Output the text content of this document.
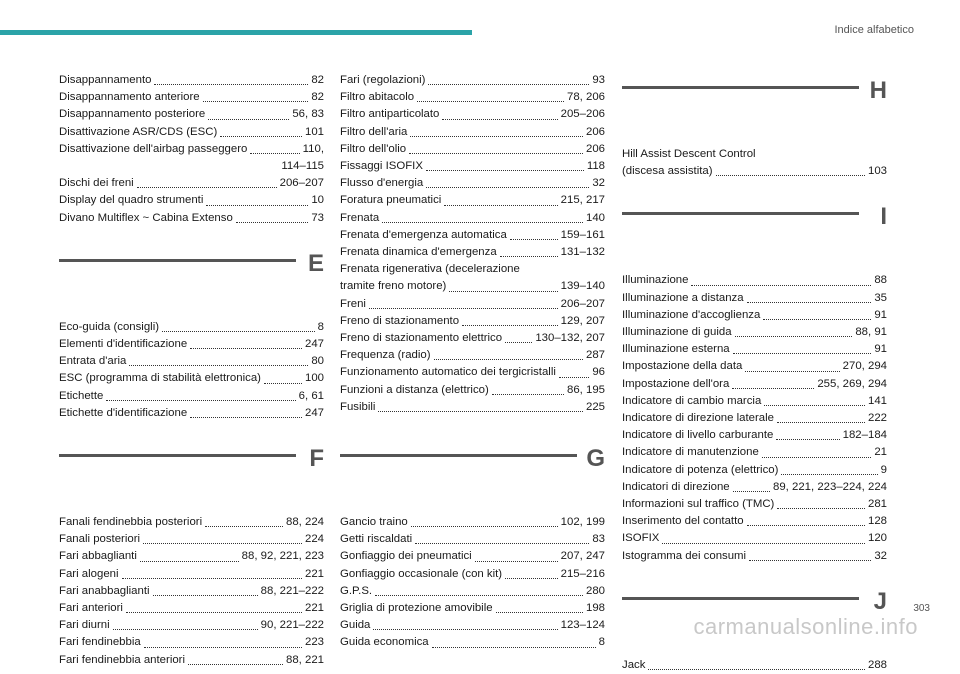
Indice alfabetico
Disappannamento	82
Disappannamento anteriore	82
Disappannamento posteriore	56, 83
Disattivazione ASR/CDS (ESC)	101
Disattivazione dell'airbag passeggero	110,
114–115
Dischi dei freni	206–207
Display del quadro strumenti	10
Divano Multiflex ~ Cabina Extenso	73
E
Eco-guida (consigli)	8
Elementi d'identificazione	247
Entrata d'aria	80
ESC (programma di stabilità elettronica)	100
Etichette	6, 61
Etichette d'identificazione	247
F
Fanali fendinebbia posteriori	88, 224
Fanali posteriori	224
Fari abbaglianti	88, 92, 221, 223
Fari alogeni	221
Fari anabbaglianti	88, 221–222
Fari anteriori	221
Fari diurni	90, 221–222
Fari fendinebbia	223
Fari fendinebbia anteriori	88, 221
Fari (regolazioni)	93
Filtro abitacolo	78, 206
Filtro antiparticolato	205–206
Filtro dell'aria	206
Filtro dell'olio	206
Fissaggi ISOFIX	118
Flusso d'energia	32
Foratura pneumatici	215, 217
Frenata	140
Frenata d'emergenza automatica	159–161
Frenata dinamica d'emergenza	131–132
Frenata rigenerativa (decelerazione
tramite freno motore)	139–140
Freni	206–207
Freno di stazionamento	129, 207
Freno di stazionamento elettrico	130–132, 207
Frequenza (radio)	287
Funzionamento automatico dei tergicristalli	96
Funzioni a distanza (elettrico)	86, 195
Fusibili	225
G
Gancio traino	102, 199
Getti riscaldati	83
Gonfiaggio dei pneumatici	207, 247
Gonfiaggio occasionale (con kit)	215–216
G.P.S.	280
Griglia di protezione amovibile	198
Guida	123–124
Guida economica	8
H
Hill Assist Descent Control
(discesa assistita)	103
I
Illuminazione	88
Illuminazione a distanza	35
Illuminazione d'accoglienza	91
Illuminazione di guida	88, 91
Illuminazione esterna	91
Impostazione della data	270, 294
Impostazione dell'ora	255, 269, 294
Indicatore di cambio marcia	141
Indicatore di direzione laterale	222
Indicatore di livello carburante	182–184
Indicatore di manutenzione	21
Indicatore di potenza (elettrico)	9
Indicatori di direzione	89, 221, 223–224, 224
Informazioni sul traffico (TMC)	281
Inserimento del contatto	128
ISOFIX	120
Istogramma dei consumi	32
J
Jack	288
303
carmanualsonline.info
